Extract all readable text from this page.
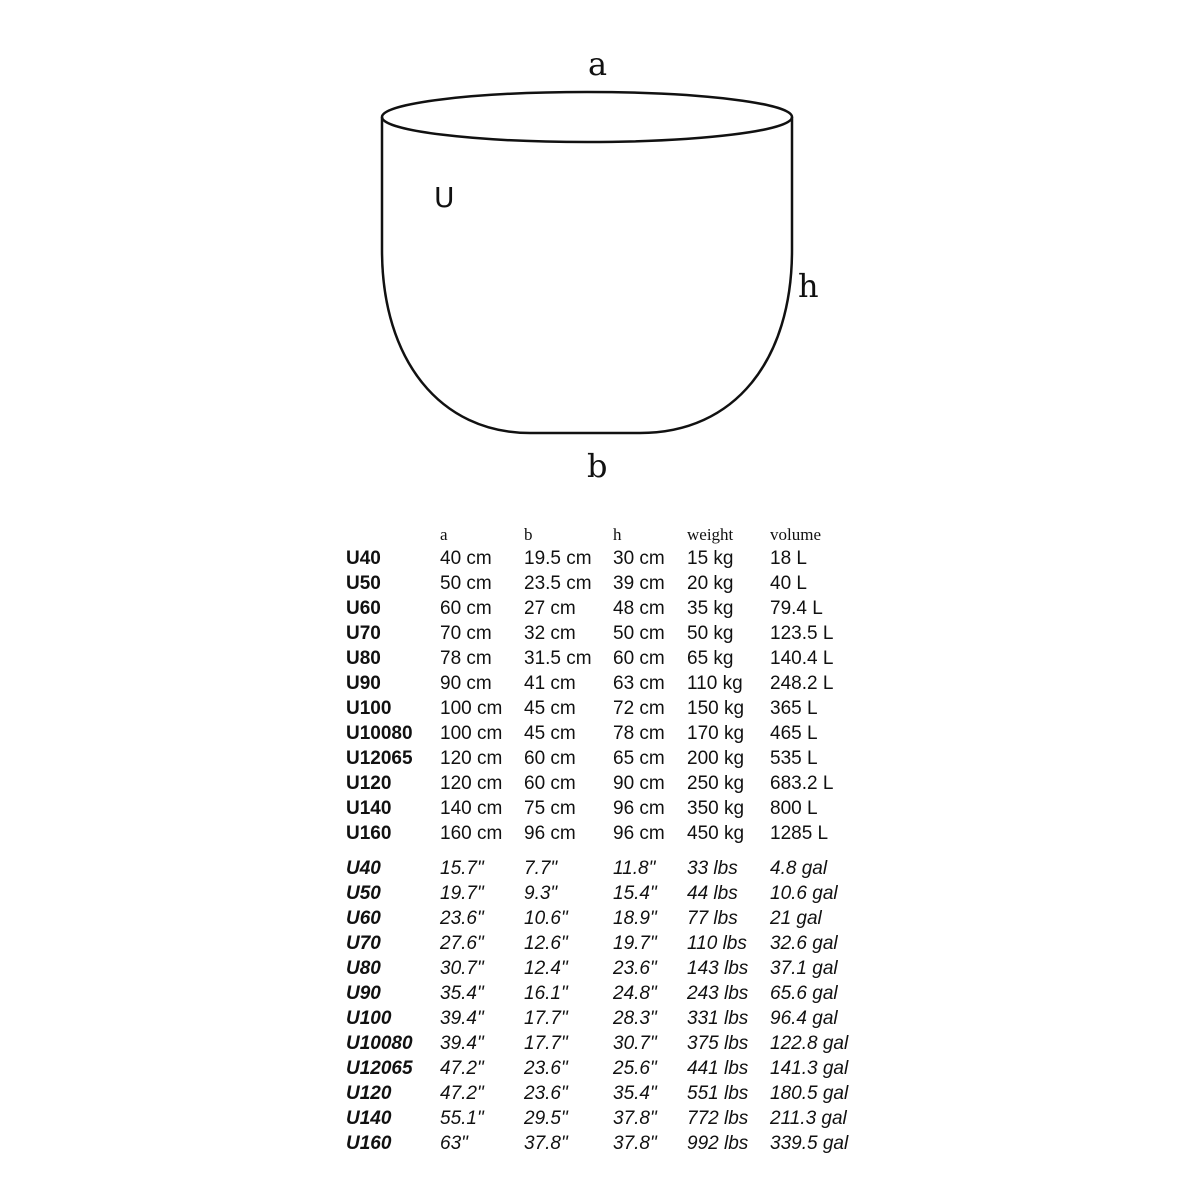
a
h
b
U
	a	b	h	weight	volume
U40	40 cm	19.5 cm	30 cm	15 kg	18 L
U50	50 cm	23.5 cm	39 cm	20 kg	40 L
U60	60 cm	27 cm	48 cm	35 kg	79.4 L
U70	70 cm	32 cm	50 cm	50 kg	123.5 L
U80	78 cm	31.5 cm	60 cm	65 kg	140.4 L
U90	90 cm	41 cm	63 cm	110 kg	248.2 L
U100	100 cm	45 cm	72 cm	150 kg	365 L
U10080	100 cm	45 cm	78 cm	170 kg	465 L
U12065	120 cm	60 cm	65 cm	200 kg	535 L
U120	120 cm	60 cm	90 cm	250 kg	683.2 L
U140	140 cm	75 cm	96 cm	350 kg	800 L
U160	160 cm	96 cm	96 cm	450 kg	1285 L
U40	15.7"	7.7"	11.8"	33 lbs	4.8 gal
U50	19.7"	9.3"	15.4"	44 lbs	10.6 gal
U60	23.6"	10.6"	18.9"	77 lbs	21 gal
U70	27.6"	12.6"	19.7"	110 lbs	32.6 gal
U80	30.7"	12.4"	23.6"	143 lbs	37.1 gal
U90	35.4"	16.1"	24.8"	243 lbs	65.6 gal
U100	39.4"	17.7"	28.3"	331 lbs	96.4 gal
U10080	39.4"	17.7"	30.7"	375 lbs	122.8 gal
U12065	47.2"	23.6"	25.6"	441 lbs	141.3 gal
U120	47.2"	23.6"	35.4"	551 lbs	180.5 gal
U140	55.1"	29.5"	37.8"	772 lbs	211.3 gal
U160	63"	37.8"	37.8"	992 lbs	339.5 gal
